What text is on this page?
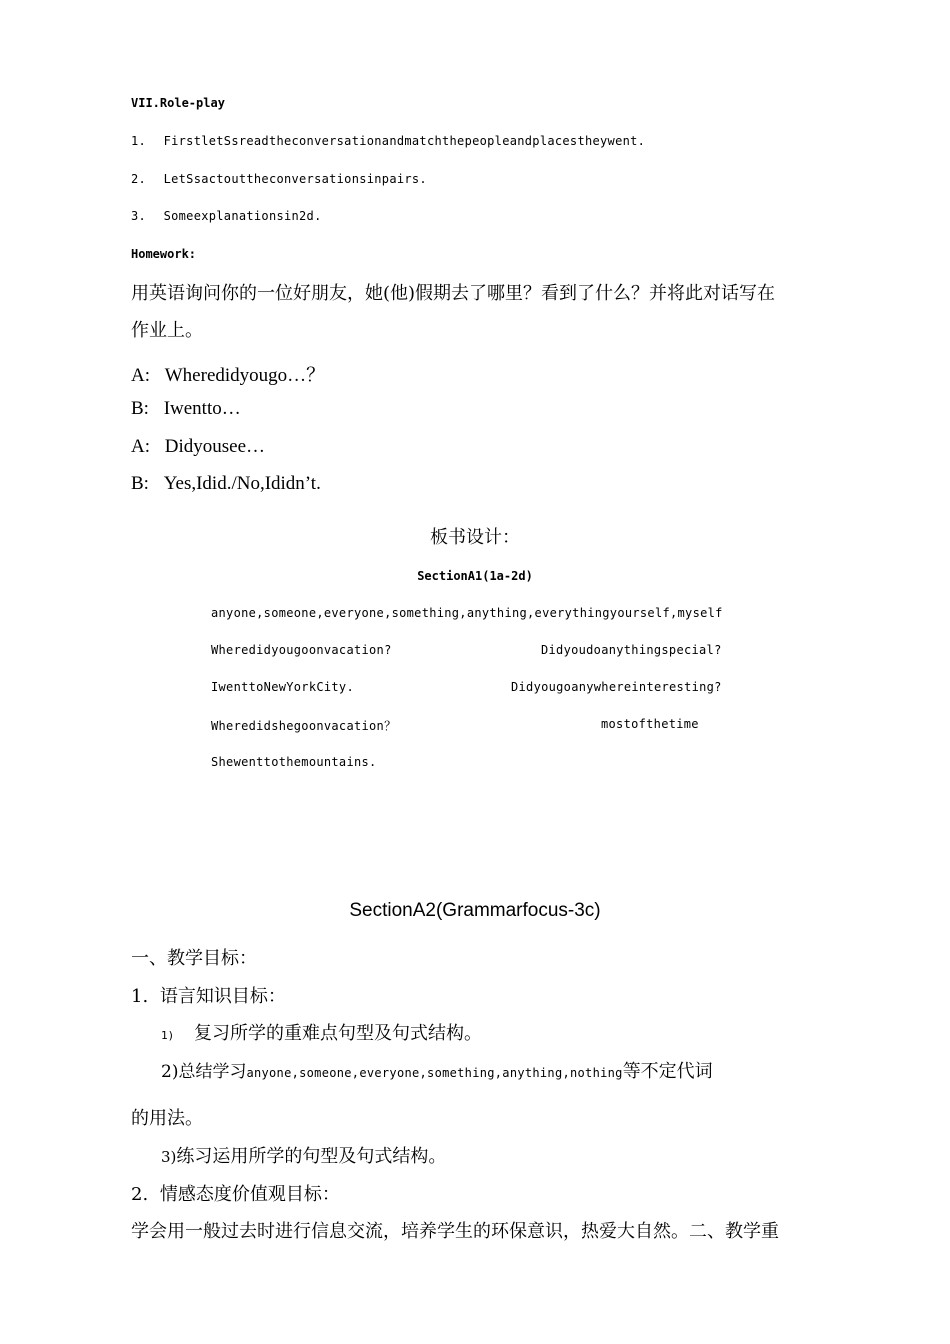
VII.Role-play
1. FirstletSsreadtheconversationandmatchthepeopleandplacestheywent.
2. LetSsactouttheconversationsinpairs.
3. Someexplanationsin2d.
Homework:
用英语询问你的一位好朋友，她(他)假期去了哪里？看到了什么？并将此对话写在
作业上。
A: Wheredidyougo…？
B: Iwentto…
A: Didyousee…
B: Yes,Idid./No,Ididn’t.
板书设计：
SectionA1(1a-2d)
anyone,someone,everyone,something,anything,everythingyourself,myself
Wheredidyougoonvacation?	Didyoudoanythingspecial?
IwenttoNewYorkCity.	Didyougoanywhereinteresting?
Wheredidshegoonvacation？	mostofthetime
Shewenttothemountains.
SectionA2(Grammarfocus-3c)
一、教学目标：
1. 语言知识目标：
1) 复习所学的重难点句型及句式结构。
2)总结学习anyone,someone,everyone,something,anything,nothing等不定代词
的用法。
3)练习运用所学的句型及句式结构。
2. 情感态度价值观目标：
学会用一般过去时进行信息交流，培养学生的环保意识，热爱大自然。二、教学重
